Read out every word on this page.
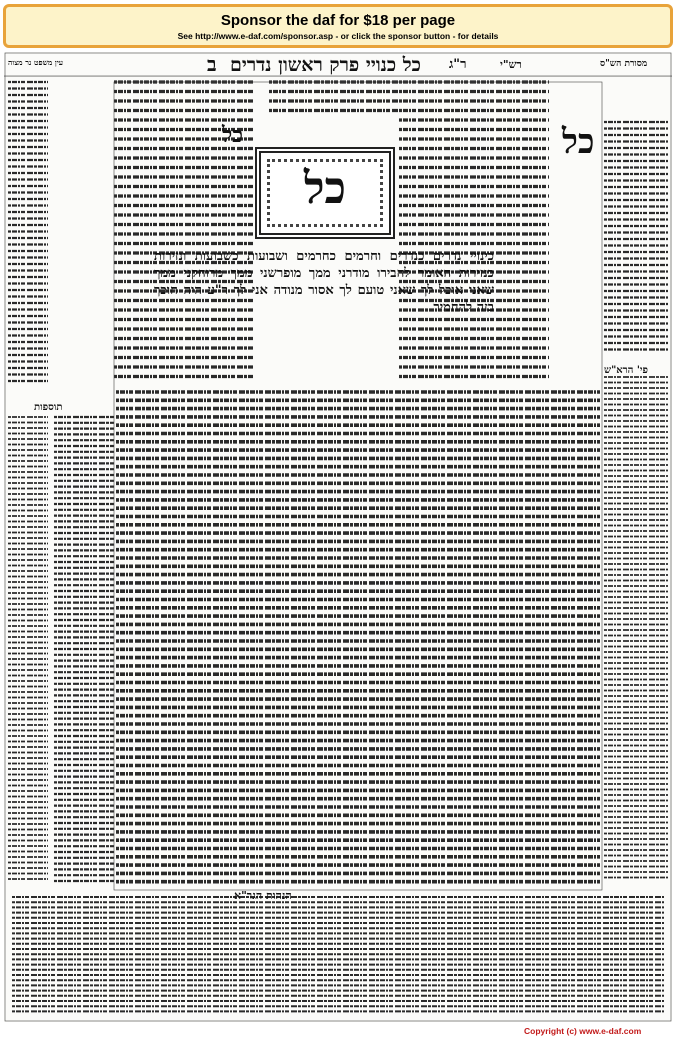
Sponsor the daf for $18 per page
See http://www.e-daf.com/sponsor.asp - or click the sponsor button - for details
עין משפט נר מצוה	מסורת הש"ס
כל כנויי פרק ראשון נדרים	רש"י
ר"ג
ב
כל
כל
כל
כינויי נדרים כנדרים וחרמים כחרמים ושבועות כשבועות ונזירות כנזירות האומר לחבירו מודרני ממך מופרשני ממך מרוחקני ממך שאני אוכל לך שאני טועם לך אסור מנודה אני לך ר"ע היה חוכך בזה להחמיר
תוספות
פי' הרא"ש
הנהות הגר"א
Copyright (c) www.e-daf.com
